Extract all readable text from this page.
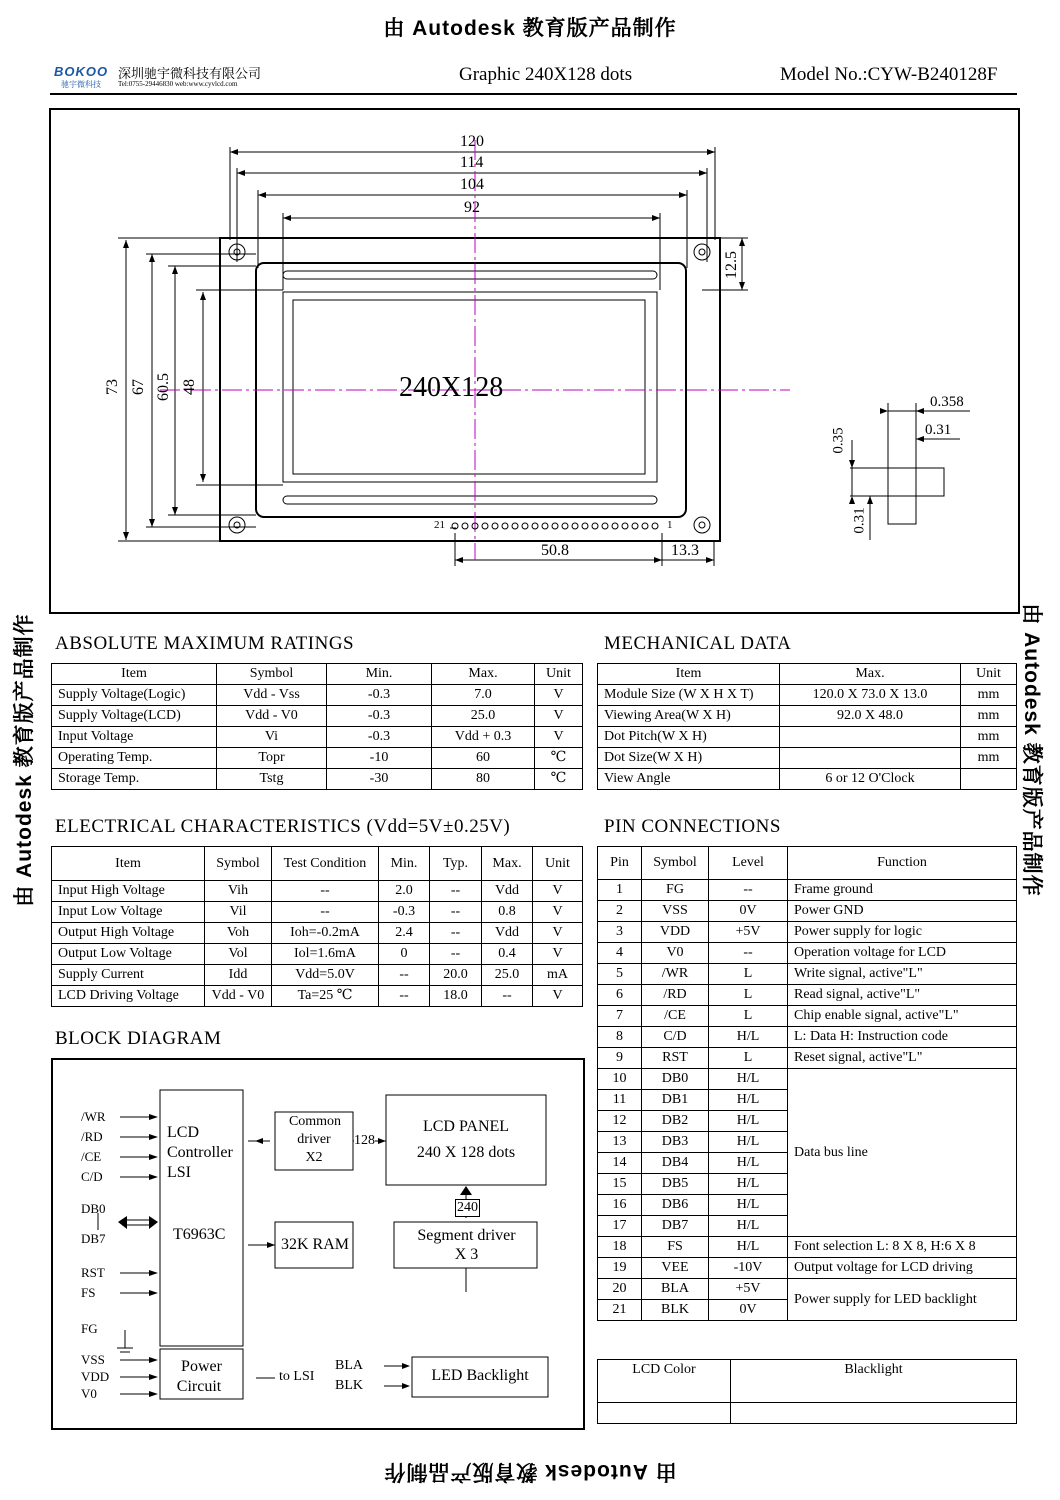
由 Autodesk 教育版产品制作
由 Autodesk 教育版产品制作
由 Autodesk 教育版产品制作	由 Autodesk 教育版产品制作
BOKOO
驰宇微科技
深圳驰宇微科技有限公司
Tel:0755-29446830 web:www.cyvlcd.com	Graphic 240X128 dots	Model No.:CYW-B240128F
120
114
104
92
12.5
73 67 60.5 48	240X128
21	1
50.8	13.3
0.358
0.31
0.35
0.31
ABSOLUTE MAXIMUM RATINGS
Item	Symbol	Min.	Max.	Unit
Supply Voltage(Logic)	Vdd - Vss	-0.3	7.0	V
Supply Voltage(LCD)	Vdd - V0	-0.3	25.0	V
Input Voltage	Vi	-0.3	Vdd + 0.3	V
Operating Temp.	Topr	-10	60	℃
Storage Temp.	Tstg	-30	80	℃
MECHANICAL DATA
Item	Max.	Unit
Module Size (W X H X T)	120.0 X 73.0 X 13.0	mm
Viewing Area(W X H)	92.0 X 48.0	mm
Dot Pitch(W X H)		mm
Dot Size(W X H)		mm
View Angle	6 or 12 O'Clock	
ELECTRICAL CHARACTERISTICS (Vdd=5V±0.25V)
Item	Symbol	Test Condition	Min.	Typ.	Max.	Unit
Input High Voltage	Vih	--	2.0	--	Vdd	V
Input Low Voltage	Vil	--	-0.3	--	0.8	V
Output High Voltage	Voh	Ioh=-0.2mA	2.4	--	Vdd	V
Output Low Voltage	Vol	Iol=1.6mA	0	--	0.4	V
Supply Current	Idd	Vdd=5.0V	--	20.0	25.0	mA
LCD Driving Voltage	Vdd - V0	Ta=25 ℃	--	18.0	--	V
PIN CONNECTIONS
Pin	Symbol	Level	Function
1	FG	--	Frame ground
2	VSS	0V	Power GND
3	VDD	+5V	Power supply for logic
4	V0	--	Operation voltage for LCD
5	/WR	L	Write signal, active"L"
6	/RD	L	Read signal, active"L"
7	/CE	L	Chip enable signal, active"L"
8	C/D	H/L	L: Data H: Instruction code
9	RST	L	Reset signal, active"L"
10	DB0	H/L	Data bus line
11	DB1	H/L	
12	DB2	H/L	
13	DB3	H/L	
14	DB4	H/L	
15	DB5	H/L	
16	DB6	H/L	
17	DB7	H/L	
18	FS	H/L	Font selection L: 8 X 8, H:6 X 8
19	VEE	-10V	Output voltage for LCD driving
20	BLA	+5V	Power supply for LED backlight
21	BLK	0V	
LCD Color	Blacklight

BLOCK DIAGRAM
/WR
/RD
/CE
C/D
DB0
DB7
RST
FS
FG
VSS
VDD
V0
LCD
Controller
LSI
T6963C
Common
driver
X2
128
LCD PANEL
240 X 128 dots
240
Segment driver
X 3
32K RAM
Power
Circuit
to LSI
BLA
BLK
LED Backlight
